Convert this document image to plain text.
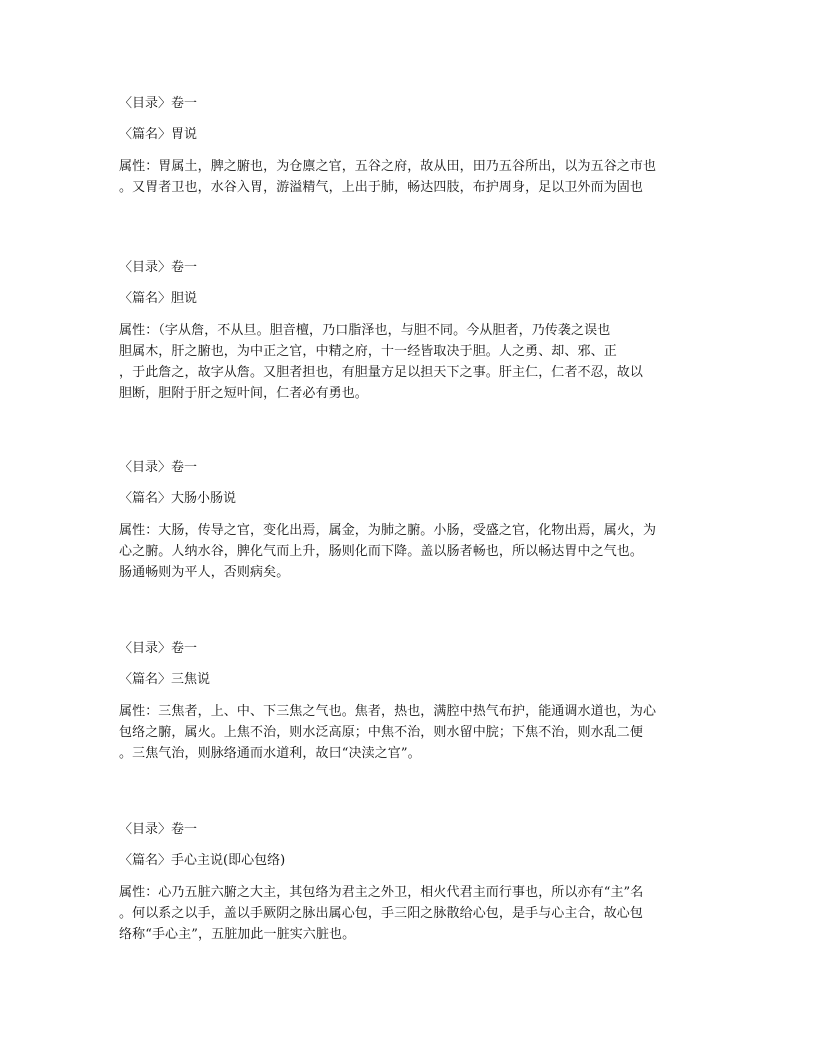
〈目录〉卷一

〈篇名〉胃说

属性：胃属土，脾之腑也，为仓廪之官，五谷之府，故从田，田乃五谷所出，以为五谷之市也

。又胃者卫也，水谷入胃，游溢精气，上出于肺，畅达四肢，布护周身，足以卫外而为固也

〈目录〉卷一

〈篇名〉胆说

属性：（字从詹，不从旦。胆音檀，乃口脂泽也，与胆不同。今从胆者，乃传袭之误也

胆属木，肝之腑也，为中正之官，中精之府，十一经皆取决于胆。人之勇、却、邪、正

，于此詹之，故字从詹。又胆者担也，有胆量方足以担天下之事。肝主仁，仁者不忍，故以

胆断，胆附于肝之短叶间，仁者必有勇也。

〈目录〉卷一

〈篇名〉大肠小肠说

属性：大肠，传导之官，变化出焉，属金，为肺之腑。小肠，受盛之官，化物出焉，属火，为

心之腑。人纳水谷，脾化气而上升，肠则化而下降。盖以肠者畅也，所以畅达胃中之气也。

肠通畅则为平人，否则病矣。

〈目录〉卷一

〈篇名〉三焦说

属性：三焦者，上、中、下三焦之气也。焦者，热也，满腔中热气布护，能通调水道也，为心

包络之腑，属火。上焦不治，则水泛高原；中焦不治，则水留中脘；下焦不治，则水乱二便

。三焦气治，则脉络通而水道利，故曰“决渎之官”。

〈目录〉卷一

〈篇名〉手心主说(即心包络)

属性：心乃五脏六腑之大主，其包络为君主之外卫，相火代君主而行事也，所以亦有“主”名

。何以系之以手，盖以手厥阴之脉出属心包，手三阳之脉散给心包，是手与心主合，故心包

络称“手心主”，五脏加此一脏实六脏也。
